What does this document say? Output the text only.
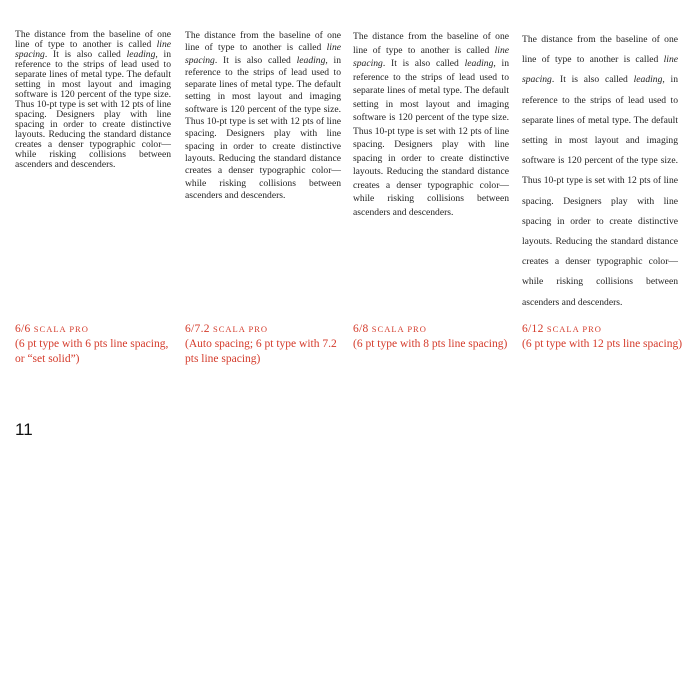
The distance from the baseline of one line of type to another is called line spacing. It is also called leading, in reference to the strips of lead used to separate lines of metal type. The default setting in most layout and imaging software is 120 percent of the type size. Thus 10-pt type is set with 12 pts of line spacing. Designers play with line spacing in order to create distinctive layouts. Reducing the standard distance creates a denser typographic color—while risking collisions between ascenders and descenders.
The distance from the baseline of one line of type to another is called line spacing. It is also called leading, in reference to the strips of lead used to separate lines of metal type. The default setting in most layout and imaging software is 120 percent of the type size. Thus 10-pt type is set with 12 pts of line spacing. Designers play with line spacing in order to create distinctive layouts. Reducing the standard distance creates a denser typographic color—while risking collisions between ascenders and descenders.
The distance from the baseline of one line of type to another is called line spacing. It is also called leading, in reference to the strips of lead used to separate lines of metal type. The default setting in most layout and imaging software is 120 percent of the type size. Thus 10-pt type is set with 12 pts of line spacing. Designers play with line spacing in order to create distinctive layouts. Reducing the standard distance creates a denser typographic color—while risking collisions between ascenders and descenders.
The distance from the baseline of one line of type to another is called line spacing. It is also called leading, in reference to the strips of lead used to separate lines of metal type. The default setting in most layout and imaging software is 120 percent of the type size. Thus 10-pt type is set with 12 pts of line spacing. Designers play with line spacing in order to create distinctive layouts. Reducing the standard distance creates a denser typographic color—while risking collisions between ascenders and descenders.
6/6 SCALA PRO
(6 pt type with 6 pts line spacing, or “set solid”)
6/7.2 SCALA PRO
(Auto spacing; 6 pt type with 7.2 pts line spacing)
6/8 SCALA PRO
(6 pt type with 8 pts line spacing)
6/12 SCALA PRO
(6 pt type with 12 pts line spacing)
11
